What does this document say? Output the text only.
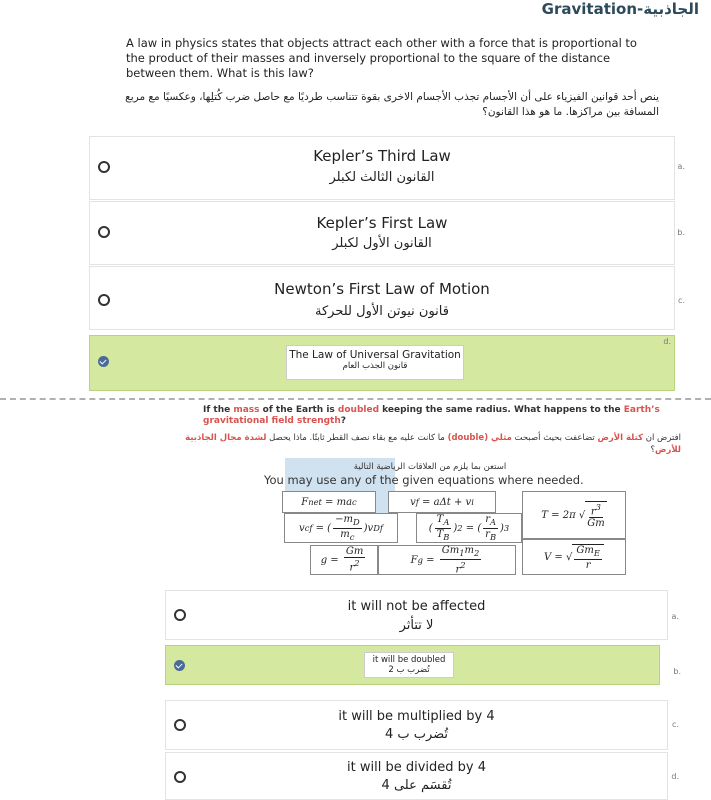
الجاذبية-Gravitation
A law in physics states that objects attract each other with a force that is proportional to the product of their masses and inversely proportional to the square of the distance between them. What is this law?
ينص أحد قوانين الفيزياء على أن الأجسام تجذب الأجسام الاخرى بقوة تتناسب طرديًا مع حاصل ضرب كُتلِها، وعكسيًا مع مربع المسافة بين مراكزها. ما هو هذا القانون؟
Kepler’s Third Law
القانون الثالث لكبلر
a.
Kepler’s First Law
القانون الأول لكبلر
b.
Newton’s First Law of Motion
قانون نيوتن الأول للحركة
c.
The Law of Universal Gravitation
قانون الجذب العام
d.
If the mass of the Earth is doubled keeping the same radius. What happens to the Earth’s gravitational field strength?
افترض ان كتلة الأرض تضاعفت بحيث أصبحت مثلي (double) ما كانت عليه مع بقاء نصف القطر ثابتًا. ماذا يحصل لشدة مجال الجاذبية للأرض؟
استعن بما يلزم من العلاقات الرياضية التالية
You may use any of the given equations where needed.
F net = ma c	v f = aΔt + v i
v cf = ( $\frac{-m_D}{m_c} )v$ Df	( $\frac{T_A}{T_B}$ ) 2 = ( $\frac{r_A}{r_B}$ ) 3
T = 2π √ $\frac{r^3}{Gm}$
$g = \frac{Gm}{r^2}$	F $g = \frac{Gm_1m_2}{r^2}$	V = √ $\frac{Gm_E}{r}$
it will not be affected
لا تتأثر
a.
it will be doubled
تُضرب ب 2	b.
it will be multiplied by 4
تُضرب ب 4
c.
it will be divided by 4
تُقسَم على 4
d.
